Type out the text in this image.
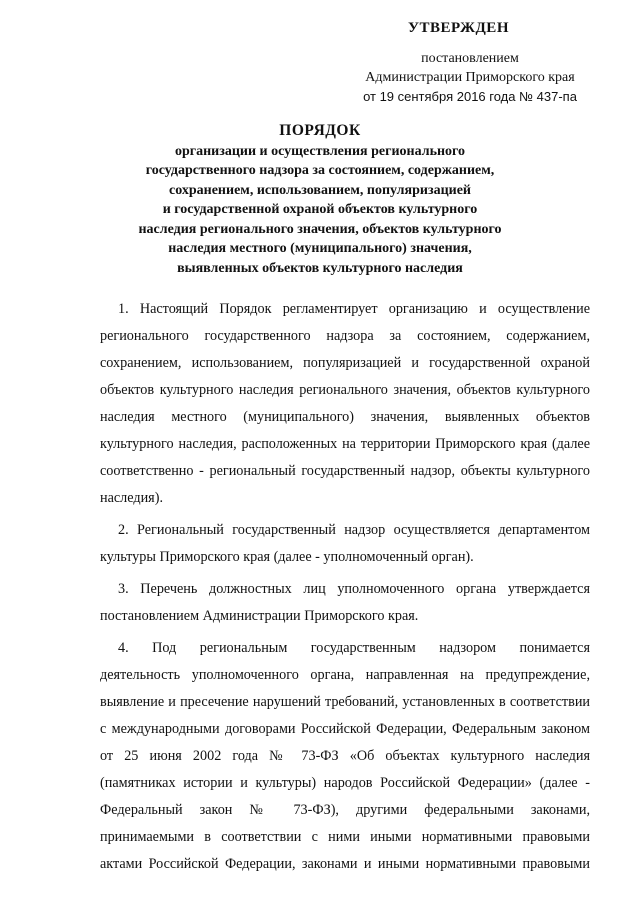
УТВЕРЖДЕН
постановлением
Администрации Приморского края
от 19 сентября 2016 года № 437-па
ПОРЯДОК
организации и осуществления регионального
государственного надзора за состоянием, содержанием,
сохранением, использованием, популяризацией
и государственной охраной объектов культурного
наследия регионального значения, объектов культурного
наследия местного (муниципального) значения,
выявленных объектов культурного наследия
1. Настоящий Порядок регламентирует организацию и осуществление
регионального государственного надзора за состоянием, содержанием,
сохранением, использованием, популяризацией и государственной охраной
объектов культурного наследия регионального значения, объектов культурного
наследия местного (муниципального) значения, выявленных объектов
культурного наследия, расположенных на территории Приморского края (далее
соответственно - региональный государственный надзор, объекты культурного
наследия).
2. Региональный государственный надзор осуществляется департаментом
культуры Приморского края (далее - уполномоченный орган).
3. Перечень должностных лиц уполномоченного органа утверждается
постановлением Администрации Приморского края.
4. Под региональным государственным надзором понимается
деятельность уполномоченного органа, направленная на предупреждение,
выявление и пресечение нарушений требований, установленных в соответствии
с международными договорами Российской Федерации, Федеральным законом
от 25 июня 2002 года № 73-ФЗ «Об объектах культурного наследия
(памятниках истории и культуры) народов Российской Федерации» (далее -
Федеральный закон № 73-ФЗ), другими федеральными законами,
принимаемыми в соответствии с ними иными нормативными правовыми
актами Российской Федерации, законами и иными нормативными правовыми
